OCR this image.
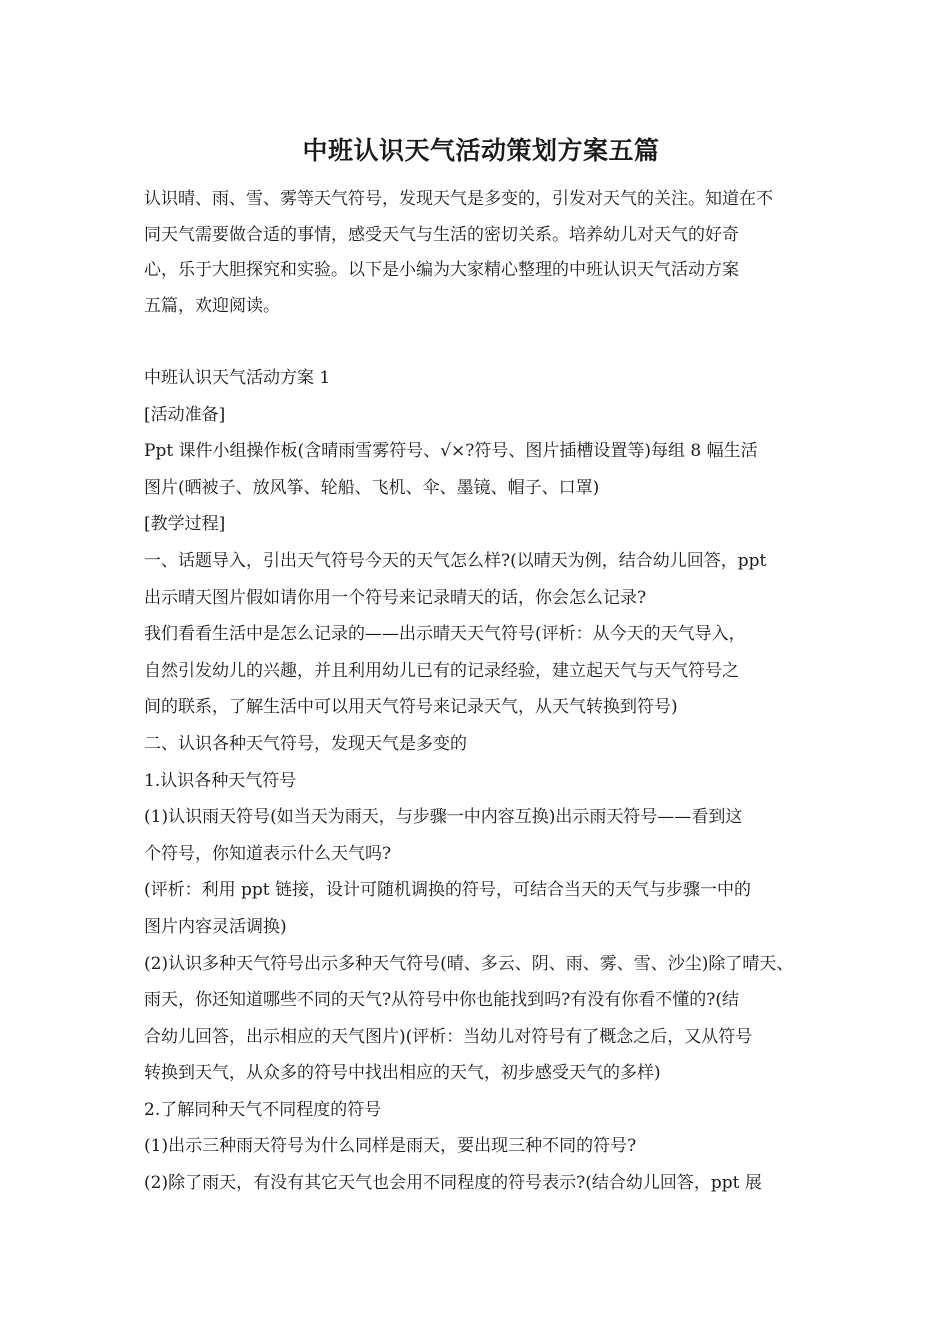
中班认识天气活动策划方案五篇
认识晴、雨、雪、雾等天气符号，发现天气是多变的，引发对天气的关注。知道在不
同天气需要做合适的事情，感受天气与生活的密切关系。培养幼儿对天气的好奇
心，乐于大胆探究和实验。以下是小编为大家精心整理的中班认识天气活动方案
五篇，欢迎阅读。
中班认识天气活动方案 1
[活动准备]
Ppt 课件小组操作板(含晴雨雪雾符号、√×?符号、图片插槽设置等)每组 8 幅生活
图片(晒被子、放风筝、轮船、飞机、伞、墨镜、帽子、口罩)
[教学过程]
一、话题导入，引出天气符号今天的天气怎么样?(以晴天为例，结合幼儿回答，ppt
出示晴天图片假如请你用一个符号来记录晴天的话，你会怎么记录?
我们看看生活中是怎么记录的——出示晴天天气符号(评析：从今天的天气导入，
自然引发幼儿的兴趣，并且利用幼儿已有的记录经验，建立起天气与天气符号之
间的联系，了解生活中可以用天气符号来记录天气，从天气转换到符号)
二、认识各种天气符号，发现天气是多变的
1.认识各种天气符号
(1)认识雨天符号(如当天为雨天，与步骤一中内容互换)出示雨天符号——看到这
个符号，你知道表示什么天气吗?
(评析：利用 ppt 链接，设计可随机调换的符号，可结合当天的天气与步骤一中的
图片内容灵活调换)
(2)认识多种天气符号出示多种天气符号(晴、多云、阴、雨、雾、雪、沙尘)除了晴天、
雨天，你还知道哪些不同的天气?从符号中你也能找到吗?有没有你看不懂的?(结
合幼儿回答，出示相应的天气图片)(评析：当幼儿对符号有了概念之后，又从符号
转换到天气，从众多的符号中找出相应的天气，初步感受天气的多样)
2.了解同种天气不同程度的符号
(1)出示三种雨天符号为什么同样是雨天，要出现三种不同的符号?
(2)除了雨天，有没有其它天气也会用不同程度的符号表示?(结合幼儿回答，ppt 展
